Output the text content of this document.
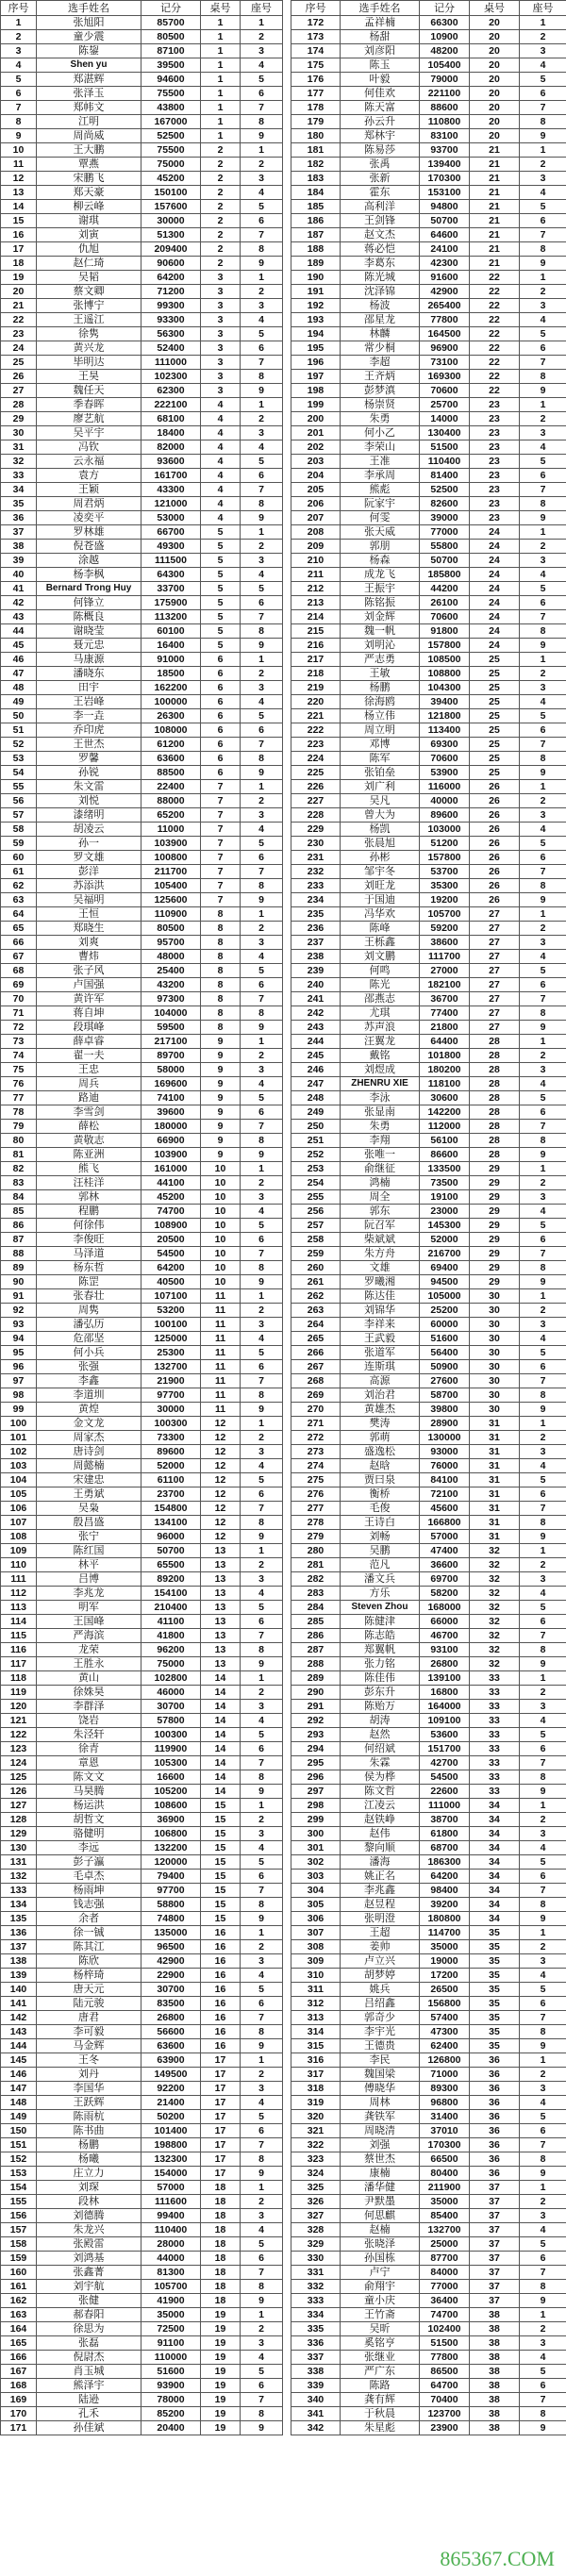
序号	选手姓名	记分	桌号	座号
1	张旭阳	85700	1	1
2	童少震	80500	1	2
3	陈鋆	87100	1	3
4	Shen yu	39500	1	4
5	郑湛辉	94600	1	5
6	张泽玉	75500	1	6
7	郑帏文	43800	1	7
8	江明	167000	1	8
9	周尚威	52500	1	9
10	王大鹏	75500	2	1
11	覃燕	75000	2	2
12	宋鹏飞	45200	2	3
13	郑天豪	150100	2	4
14	柳云峰	157600	2	5
15	谢琪	30000	2	6
16	刘寅	51300	2	7
17	仇旭	209400	2	8
18	赵仁琦	90600	2	9
19	吴韬	64200	3	1
20	蔡文卿	71200	3	2
21	张博宁	99300	3	3
22	王遥江	93300	3	4
23	徐隽	56300	3	5
24	黄兴龙	52400	3	6
25	毕明达	111000	3	7
26	王昊	102300	3	8
27	魏任天	62300	3	9
28	季春晖	222100	4	1
29	廖艺航	68100	4	2
30	吴平宇	18400	4	3
31	冯钦	82000	4	4
32	云永福	93600	4	5
33	袁方	161700	4	6
34	王颖	43300	4	7
35	周君炳	121000	4	8
36	凌奕平	53000	4	9
37	罗林雄	66700	5	1
38	倪苍盛	49300	5	2
39	涂越	111500	5	3
40	杨李枫	64300	5	4
41	Bernard Trong Huy	33700	5	5
42	何锋立	175900	5	6
43	陈概良	113200	5	7
44	谢晓莹	60100	5	8
45	聂元忠	16400	5	9
46	马康源	91000	6	1
47	潘晓东	18500	6	2
48	田宇	162200	6	3
49	王岩峰	100000	6	4
50	李一垚	26300	6	5
51	乔印虎	108000	6	6
52	王世杰	61200	6	7
53	罗馨	63600	6	8
54	孙锐	88500	6	9
55	朱文雷	22400	7	1
56	刘悦	88000	7	2
57	漆绪明	65200	7	3
58	胡凌云	11000	7	4
59	孙一	103900	7	5
60	罗文雄	100800	7	6
61	彭洋	211700	7	7
62	苏添洪	105400	7	8
63	吴福明	125600	7	9
64	王恒	110900	8	1
65	郑晓生	80500	8	2
66	刘爽	95700	8	3
67	曹炜	48000	8	4
68	张子风	25400	8	5
69	卢国强	43200	8	6
70	黄许军	97300	8	7
71	蒋自坤	104000	8	8
72	段琪峰	59500	8	9
73	薛卓睿	217100	9	1
74	翟一夫	89700	9	2
75	王忠	58000	9	3
76	周兵	169600	9	4
77	路迪	74100	9	5
78	李雪剑	39600	9	6
79	薛松	180000	9	7
80	黄敬志	66900	9	8
81	陈亚洲	103900	9	9
82	熊飞	161000	10	1
83	汪桂洋	44100	10	2
84	郭林	45200	10	3
85	程鹏	74700	10	4
86	何徐伟	108900	10	5
87	李俊旺	20500	10	6
88	马泽道	54500	10	7
89	杨东哲	64200	10	8
90	陈罡	40500	10	9
91	张春壮	107100	11	1
92	周隽	53200	11	2
93	潘弘历	100100	11	3
94	危邵坚	125000	11	4
95	何小兵	25300	11	5
96	张强	132700	11	6
97	李鑫	21900	11	7
98	李道圳	97700	11	8
99	黄煌	30000	11	9
100	金文龙	100300	12	1
101	周家杰	73300	12	2
102	唐诗剑	89600	12	3
103	周懿楠	52000	12	4
104	宋建忠	61100	12	5
105	王勇斌	23700	12	6
106	吴枭	154800	12	7
107	殷昌盛	134100	12	8
108	张宁	96000	12	9
109	陈红国	50700	13	1
110	林平	65500	13	2
111	吕博	89200	13	3
112	李兆龙	154100	13	4
113	明军	210400	13	5
114	王国峰	41100	13	6
115	严海滨	41800	13	7
116	龙荣	96200	13	8
117	王胜永	75000	13	9
118	黄山	102800	14	1
119	徐姝昊	46000	14	2
120	李群泽	30700	14	3
121	饶岩	57800	14	4
122	朱泾轩	100300	14	5
123	徐青	119900	14	6
124	章恩	105300	14	7
125	陈文文	16600	14	8
126	马昊腾	105200	14	9
127	杨运洪	108600	15	1
128	胡哲文	36900	15	2
129	骆健明	106800	15	3
130	李远	132200	15	4
131	彭子瀛	120000	15	5
132	毛卓杰	79400	15	6
133	杨雨坤	97700	15	7
134	钱志强	58800	15	8
135	余者	74800	15	9
136	徐一铖	135000	16	1
137	陈其江	96500	16	2
138	陈欣	42900	16	3
139	杨梓琦	22900	16	4
140	唐天元	30700	16	5
141	陆元骏	83500	16	6
142	唐君	26800	16	7
143	李可毅	56600	16	8
144	马金辉	63600	16	9
145	王冬	63900	17	1
146	刘丹	149500	17	2
147	李国华	92200	17	3
148	王跃辉	21400	17	4
149	陈雨杭	50200	17	5
150	陈书曲	101400	17	6
151	杨鹏	198800	17	7
152	杨曦	132300	17	8
153	庄立力	154000	17	9
154	刘琛	57000	18	1
155	段林	111600	18	2
156	刘德腾	99400	18	3
157	朱龙兴	110400	18	4
158	张殿雷	28000	18	5
159	刘鸿基	44000	18	6
160	张鑫菁	81300	18	7
161	刘宇航	105700	18	8
162	张健	41900	18	9
163	郝春阳	35000	19	1
164	徐思为	72500	19	2
165	张磊	91100	19	3
166	倪尉杰	110000	19	4
167	肖玉城	51600	19	5
168	熊泽宇	93900	19	6
169	陆逊	78000	19	7
170	孔禾	85200	19	8
171	孙佳斌	20400	19	9
序号	选手姓名	记分	桌号	座号
172	孟祥楠	66300	20	1
173	杨甜	10900	20	2
174	刘彦阳	48200	20	3
175	陈玉	105400	20	4
176	叶毅	79000	20	5
177	何佳欢	221100	20	6
178	陈天富	88600	20	7
179	孙云升	110800	20	8
180	郑林宇	83100	20	9
181	陈易莎	93700	21	1
182	张禹	139400	21	2
183	张新	170300	21	3
184	霍东	153100	21	4
185	高利洋	94800	21	5
186	王剑锋	50700	21	6
187	赵文杰	64600	21	7
188	蒋必恺	24100	21	8
189	李葛东	42300	21	9
190	陈光城	91600	22	1
191	沈泽锦	42900	22	2
192	杨波	265400	22	3
193	邵星龙	77800	22	4
194	林麟	164500	22	5
195	常少桐	96900	22	6
196	李超	73100	22	7
197	王齐炳	169300	22	8
198	彭梦滇	70600	22	9
199	杨崇贤	25700	23	1
200	朱勇	14000	23	2
201	何小乙	130400	23	3
202	李荣山	51500	23	4
203	王准	110400	23	5
204	李承周	81400	23	6
205	熊彪	52500	23	7
206	阮家宇	82600	23	8
207	何雯	39000	23	9
208	张天威	77000	24	1
209	郭朋	55800	24	2
210	杨森	50700	24	3
211	成龙飞	185800	24	4
212	王振宇	44200	24	5
213	陈铭振	26100	24	6
214	刘金辉	70600	24	7
215	魏一帆	91800	24	8
216	刘明沁	157800	24	9
217	严志勇	108500	25	1
218	王敏	108800	25	2
219	杨鹏	104300	25	3
220	徐海鸥	39400	25	4
221	杨立伟	121800	25	5
222	周立明	113400	25	6
223	邓博	69300	25	7
224	陈军	70600	25	8
225	张铂垒	53900	25	9
226	刘广利	116000	26	1
227	吴凡	40000	26	2
228	曾大为	89600	26	3
229	杨凯	103000	26	4
230	张晨旭	51200	26	5
231	孙彬	157800	26	6
232	邹宇冬	53700	26	7
233	刘旺龙	35300	26	8
234	于国迪	19200	26	9
235	冯华欢	105700	27	1
236	陈峰	59200	27	2
237	王栎鑫	38600	27	3
238	刘文鹏	111700	27	4
239	何鸣	27000	27	5
240	陈光	182100	27	6
241	邵燕志	36700	27	7
242	尤琪	77400	27	8
243	苏声浪	21800	27	9
244	汪翼龙	64400	28	1
245	戴铭	101800	28	2
246	刘煜成	180200	28	3
247	ZHENRU XIE	118100	28	4
248	李泳	30600	28	5
249	张显南	142200	28	6
250	朱勇	112000	28	7
251	李翔	56100	28	8
252	张唯一	86600	28	9
253	俞继征	133500	29	1
254	鸿楠	73500	29	2
255	周全	19100	29	3
256	郭东	23000	29	4
257	阮召军	145300	29	5
258	柴斌斌	52000	29	6
259	朱方舟	216700	29	7
260	文雄	69400	29	8
261	罗曦湘	94500	29	9
262	陈达佳	105000	30	1
263	刘锦华	25200	30	2
264	李祥来	60000	30	3
265	王武毅	51600	30	4
266	张道军	56400	30	5
267	连斯琪	50900	30	6
268	高源	27600	30	7
269	刘治君	58700	30	8
270	黄雄杰	39800	30	9
271	樊涛	28900	31	1
272	郭萌	130000	31	2
273	盛逸松	93000	31	3
274	赵晗	76000	31	4
275	贾曰泉	84100	31	5
276	衡桥	72100	31	6
277	毛俊	45600	31	7
278	王诗白	166800	31	8
279	刘畅	57000	31	9
280	吴鹏	47400	32	1
281	范凡	36600	32	2
282	潘文兵	69700	32	3
283	方乐	58200	32	4
284	Steven Zhou	168000	32	5
285	陈健津	66000	32	6
286	陈志皓	46700	32	7
287	郑翼帆	93100	32	8
288	张力铭	26800	32	9
289	陈佳伟	139100	33	1
290	彭东升	16800	33	2
291	陈贻万	164000	33	3
292	胡涛	109100	33	4
293	赵然	53600	33	5
294	何绍斌	151700	33	6
295	朱霖	42700	33	7
296	侯为桦	54500	33	8
297	陈文哲	22600	33	9
298	江凌云	111000	34	1
299	赵铁峥	38700	34	2
300	赵伟	61800	34	3
301	黎向顺	68700	34	4
302	潘海	186300	34	5
303	姚正名	64200	34	6
304	李兆鑫	98400	34	7
305	赵昱程	39200	34	8
306	张明澄	180800	34	9
307	王超	114700	35	1
308	姜帅	35000	35	2
309	卢立兴	19000	35	3
310	胡梦婷	17200	35	4
311	姚兵	26500	35	5
312	吕绍鑫	156800	35	6
313	郭奇少	57400	35	7
314	李宇光	47300	35	8
315	王德贵	62400	35	9
316	李民	126800	36	1
317	魏国梁	71000	36	2
318	傅晓华	89300	36	3
319	周林	96800	36	4
320	龚铁军	31400	36	5
321	周晓清	37010	36	6
322	刘强	170300	36	7
323	蔡世杰	66500	36	8
324	康楠	80400	36	9
325	潘华健	211900	37	1
326	尹默墨	35000	37	2
327	何思麒	85400	37	3
328	赵楠	132700	37	4
329	张晓泽	25000	37	5
330	孙国栋	87700	37	6
331	卢宁	84000	37	7
332	俞翔宇	77000	37	8
333	童小庆	36400	37	9
334	王竹斋	74700	38	1
335	吴昕	102400	38	2
336	奚铭亨	51500	38	3
337	张继业	77800	38	4
338	严广东	86500	38	5
339	陈路	64700	38	6
340	龚有辉	70400	38	7
341	于秋晨	123700	38	8
342	朱星彪	23900	38	9
865367.COM
